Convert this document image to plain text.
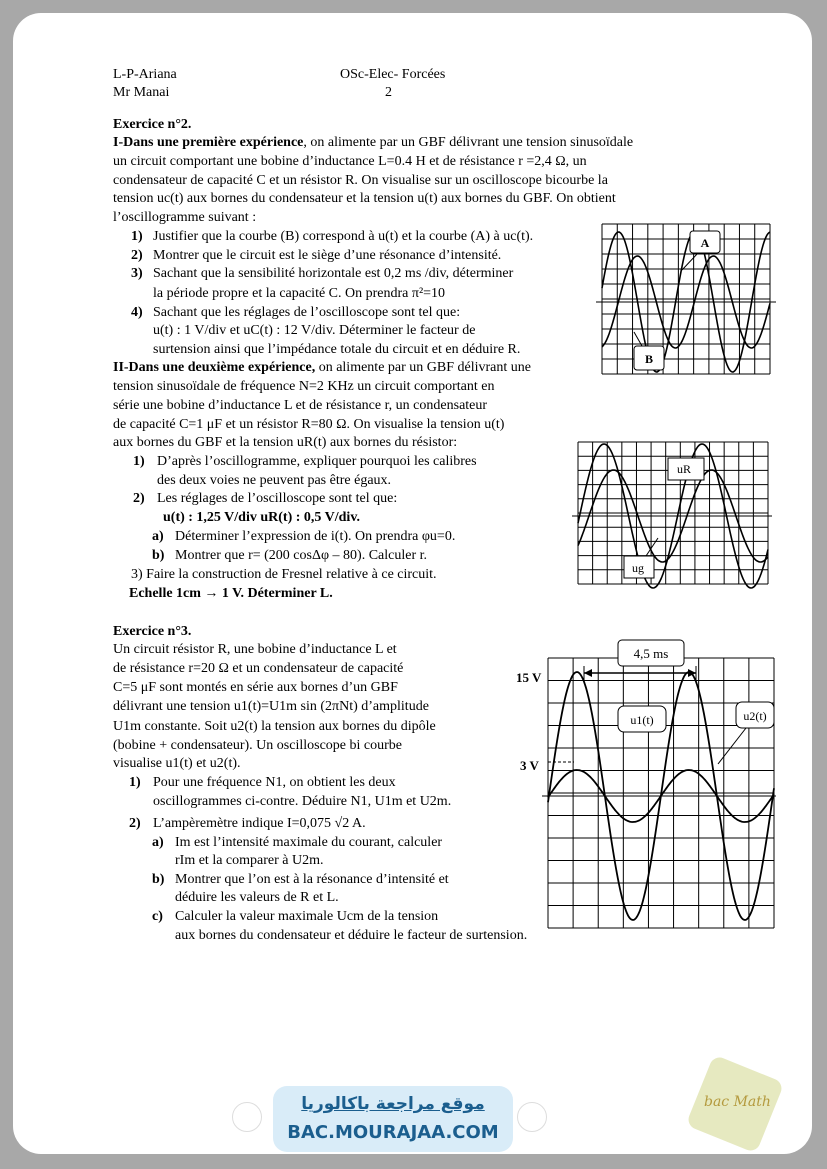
L-P-Ariana
Mr Manai
OSc-Elec- Forcées
2
Exercice n°2.
I-Dans une première expérience, on alimente par un GBF délivrant une tension sinusoïdale
un circuit comportant une bobine d’inductance L=0.4 H et de résistance r =2,4 Ω, un
condensateur de capacité C et un résistor R. On visualise sur un oscilloscope bicourbe la
tension uc(t) aux bornes du condensateur et la tension u(t) aux bornes du GBF. On obtient
l’oscillogramme suivant :
1) Justifier que la courbe (B) correspond à u(t) et la courbe (A) à uc(t).
2) Montrer que le circuit est le siège d’une résonance d’intensité.
3) Sachant que la sensibilité horizontale est 0,2 ms /div, déterminer
la période propre et la capacité C. On prendra π²=10
4) Sachant que les réglages de l’oscilloscope sont tel que:
u(t) : 1 V/div et uC(t) : 12 V/div. Déterminer le facteur de
surtension ainsi que l’impédance totale du circuit et en déduire R.
II-Dans une deuxième expérience, on alimente par un GBF délivrant une
tension sinusoïdale de fréquence N=2 KHz un circuit comportant en
série une bobine d’inductance L et de résistance r, un condensateur
de capacité C=1 μF et un résistor R=80 Ω. On visualise la tension u(t)
aux bornes du GBF et la tension uR(t) aux bornes du résistor:
1) D’après l’oscillogramme, expliquer pourquoi les calibres
des deux voies ne peuvent pas être égaux.
2) Les réglages de l’oscilloscope sont tel que:
u(t) : 1,25 V/div uR(t) : 0,5 V/div.
a) Déterminer l’expression de i(t). On prendra φu=0.
b) Montrer que r= (200 cosΔφ – 80). Calculer r.
3) Faire la construction de Fresnel relative à ce circuit.
Echelle 1cm → 1 V. Déterminer L.
A
B
uR
ug
Exercice n°3.
Un circuit résistor R, une bobine d’inductance L et
de résistance r=20 Ω et un condensateur de capacité
C=5 μF sont montés en série aux bornes d’un GBF
délivrant une tension u1(t)=U1m sin (2πNt) d’amplitude
U1m constante. Soit u2(t) la tension aux bornes du dipôle
(bobine + condensateur). Un oscilloscope bi courbe
visualise u1(t) et u2(t).
1) Pour une fréquence N1, on obtient les deux
oscillogrammes ci-contre. Déduire N1, U1m et U2m.
2) L’ampèremètre indique I=0,075 √2 A.
a) Im est l’intensité maximale du courant, calculer
rIm et la comparer à U2m.
b) Montrer que l’on est à la résonance d’intensité et
déduire les valeurs de R et L.
c) Calculer la valeur maximale Ucm de la tension
aux bornes du condensateur et déduire le facteur de surtension.
4,5 ms
15 V
3 V
u1(t)	u2(t)
موقع مراجعة باكالوريا
BAC.MOURAJAA.COM
bac Math
